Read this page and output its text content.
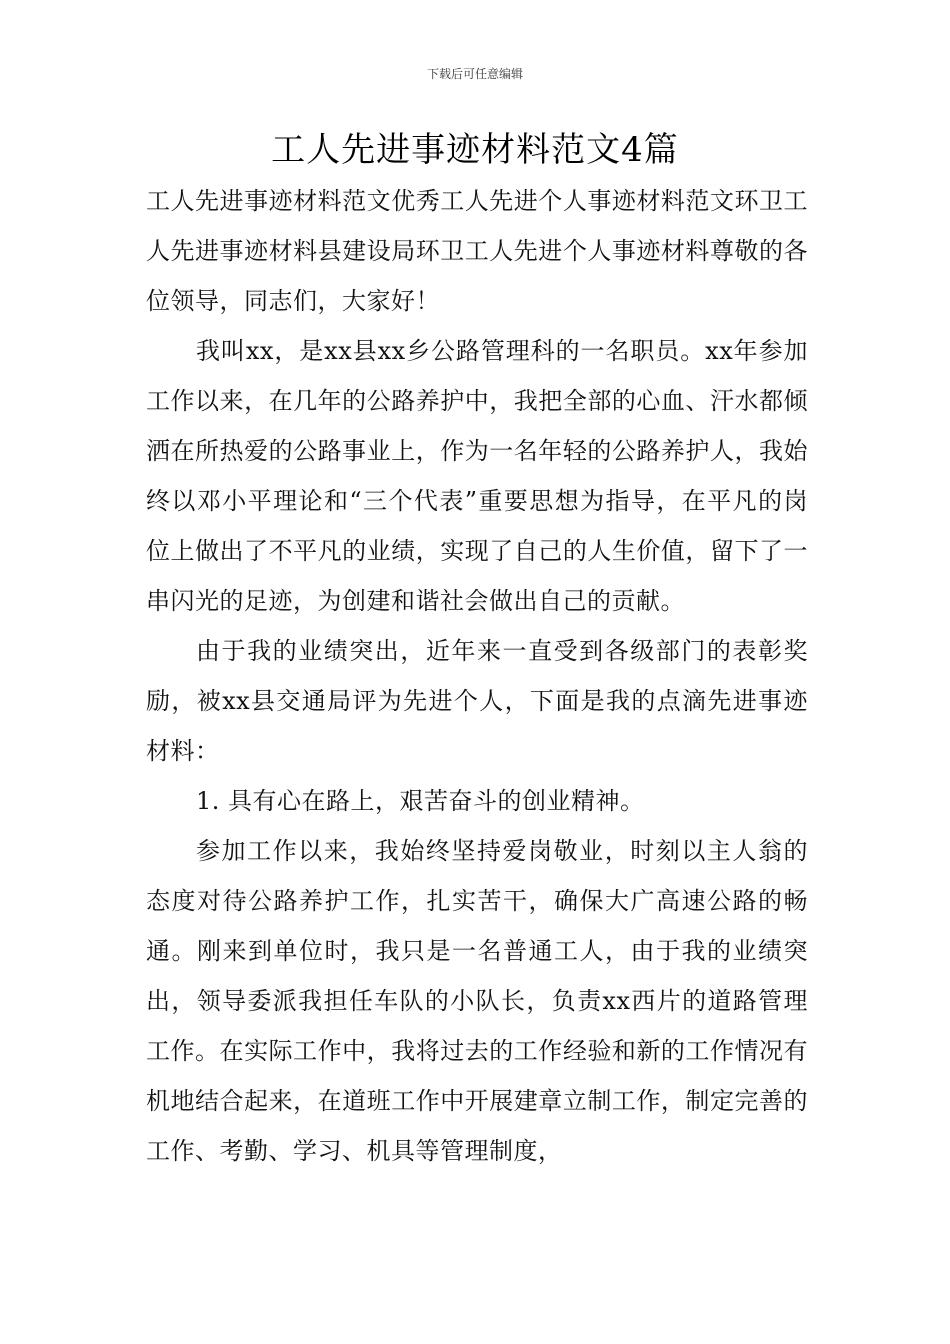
下载后可任意编辑
工人先进事迹材料范文4篇

工人先进事迹材料范文优秀工人先进个人事迹材料范文环卫工人先进事迹材料县建设局环卫工人先进个人事迹材料尊敬的各位领导，同志们，大家好！

我叫xx，是xx县xx乡公路管理科的一名职员。xx年参加工作以来，在几年的公路养护中，我把全部的心血、汗水都倾洒在所热爱的公路事业上，作为一名年轻的公路养护人，我始终以邓小平理论和“三个代表”重要思想为指导，在平凡的岗位上做出了不平凡的业绩，实现了自己的人生价值，留下了一串闪光的足迹，为创建和谐社会做出自己的贡献。

由于我的业绩突出，近年来一直受到各级部门的表彰奖励，被xx县交通局评为先进个人，下面是我的点滴先进事迹材料：

1. 具有心在路上，艰苦奋斗的创业精神。

参加工作以来，我始终坚持爱岗敬业，时刻以主人翁的态度对待公路养护工作，扎实苦干，确保大广高速公路的畅通。刚来到单位时，我只是一名普通工人，由于我的业绩突出，领导委派我担任车队的小队长，负责xx西片的道路管理工作。在实际工作中，我将过去的工作经验和新的工作情况有机地结合起来，在道班工作中开展建章立制工作，制定完善的工作、考勤、学习、机具等管理制度，
